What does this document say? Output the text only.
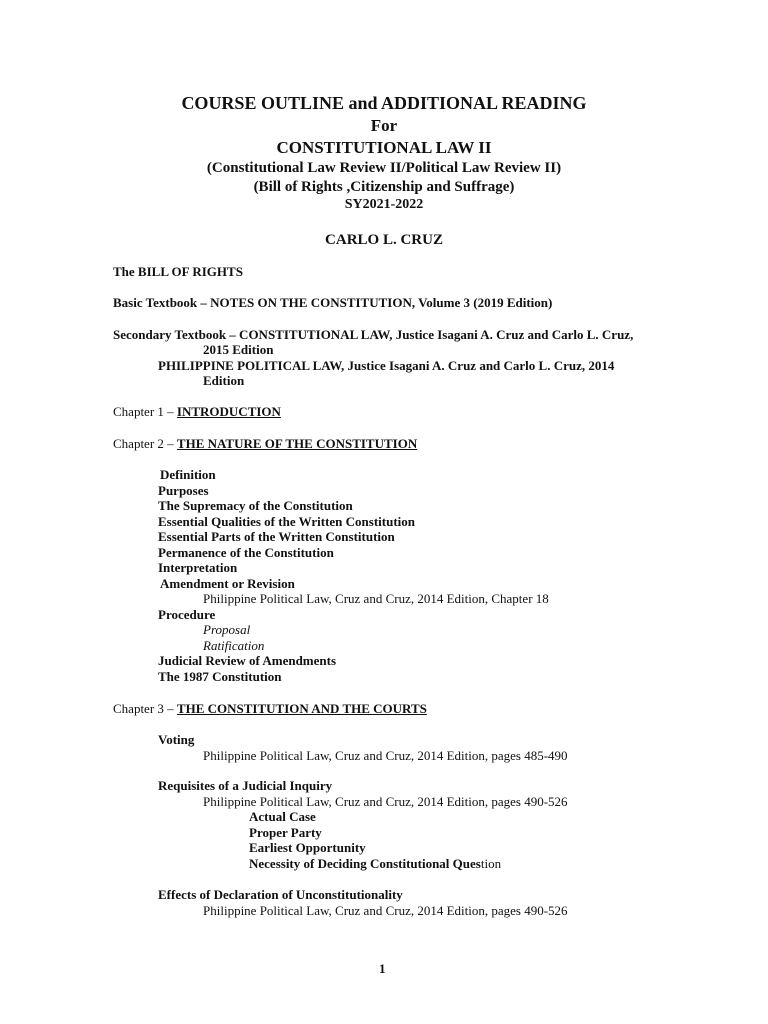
COURSE OUTLINE and ADDITIONAL READING
For
CONSTITUTIONAL LAW II
(Constitutional Law Review II/Political Law Review II)
(Bill of Rights ,Citizenship and Suffrage)
SY2021-2022
CARLO L. CRUZ
The BILL OF RIGHTS
Basic Textbook – NOTES ON THE CONSTITUTION, Volume 3 (2019 Edition)
Secondary Textbook – CONSTITUTIONAL LAW, Justice Isagani A. Cruz and Carlo L. Cruz,
2015 Edition
PHILIPPINE POLITICAL LAW, Justice Isagani A. Cruz and Carlo L. Cruz, 2014
Edition
Chapter 1 – INTRODUCTION
Chapter 2 – THE NATURE OF THE CONSTITUTION
Definition
Purposes
The Supremacy of the Constitution
Essential Qualities of the Written Constitution
Essential Parts of the Written Constitution
Permanence of the Constitution
Interpretation
Amendment or Revision
Philippine Political Law, Cruz and Cruz, 2014 Edition, Chapter 18
Procedure
Proposal
Ratification
Judicial Review of Amendments
The 1987 Constitution
Chapter 3 – THE CONSTITUTION AND THE COURTS
Voting
Philippine Political Law, Cruz and Cruz, 2014 Edition, pages 485-490
Requisites of a Judicial Inquiry
Philippine Political Law, Cruz and Cruz, 2014 Edition, pages 490-526
Actual Case
Proper Party
Earliest Opportunity
Necessity of Deciding Constitutional Question
Effects of Declaration of Unconstitutionality
Philippine Political Law, Cruz and Cruz, 2014 Edition, pages 490-526
1
